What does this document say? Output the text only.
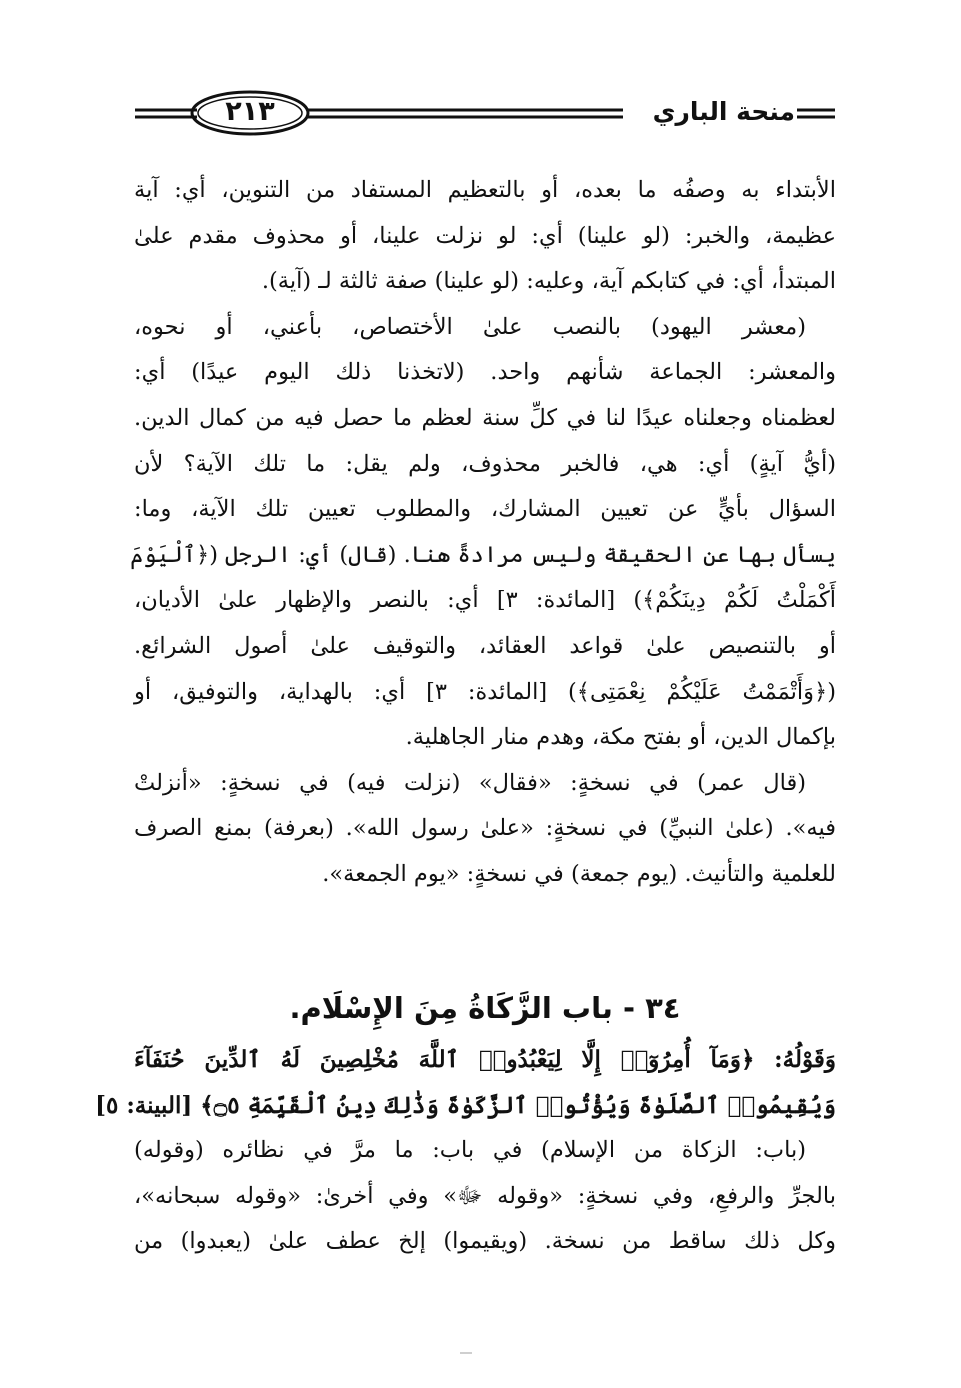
٢١٣	منحة الباري
الأبتداء به وصفُه ما بعده، أو بالتعظيم المستفاد من التنوين، أي: آية
عظيمة، والخبر: (لو علينا) أي: لو نزلت علينا، أو محذوف مقدم علىٰ
المبتدأ، أي: في كتابكم آية، وعليه: (لو علينا) صفة ثالثة لـ (آية).
(معشر اليهود) بالنصب علىٰ الأختصاص، بأعني، أو نحوه،
والمعشر: الجماعة شأنهم واحد. (لاتخذنا ذلك اليوم عيدًا) أي:
لعظمناه وجعلناه عيدًا لنا في كلِّ سنة لعظم ما حصل فيه من كمال الدين.
(أيُّ آيةٍ) أي: هي، فالخبر محذوف، ولم يقل: ما تلك الآية؟ لأن
السؤال بأيٍّ عن تعيين المشارك، والمطلوب تعيين تلك الآية، وما:
يسأل بها عن الحقيقة وليس مرادةً هنا. (قال) أي: الرجل (﴿ٱلْيَوْمَ
أَكْمَلْتُ لَكُمْ دِينَكُمْ﴾) [المائدة: ٣] أي: بالنصر والإظهار علىٰ الأديان،
أو بالتنصيص علىٰ قواعد العقائد، والتوقيف علىٰ أصول الشرائع.
(﴿وَأَتْمَمْتُ عَلَيْكُمْ نِعْمَتِى﴾) [المائدة: ٣] أي: بالهداية، والتوفيق، أو
بإكمال الدين، أو بفتح مكة، وهدم منار الجاهلية.
(قال عمر) في نسخةٍ: «فقال» (نزلت فيه) في نسخةٍ: «أنزلتْ
فيه». (علىٰ النبيِّ) في نسخةٍ: «علىٰ رسول الله». (بعرفة) بمنع الصرف
للعلمية والتأنيث. (يوم جمعة) في نسخةٍ: «يوم الجمعة».
٣٤ - باب الزَّكَاةُ مِنَ الإِسْلَام.
وَقَوْلُهُ: ﴿وَمَآ أُمِرُوٓا۟ إِلَّا لِيَعْبُدُوا۟ ٱللَّهَ مُخْلِصِينَ لَهُ ٱلدِّينَ حُنَفَآءَ
وَيُقِيمُوا۟ ٱلصَّلَوٰةَ وَيُؤْتُوا۟ ٱلزَّكَوٰةَ وَذَٰلِكَ دِينُ ٱلْقَيِّمَةِ ۝٥﴾ [البينة: ٥]
(باب: الزكاة من الإسلام) في باب: ما مرَّ في نظائره (وقوله)
بالجرِّ والرفعِ، وفي نسخةٍ: «وقوله ﷻ» وفي أخرىٰ: «وقوله سبحانه»،
وكل ذلك ساقط من نسخة. (ويقيموا) إلخ عطف علىٰ (يعبدوا) من
